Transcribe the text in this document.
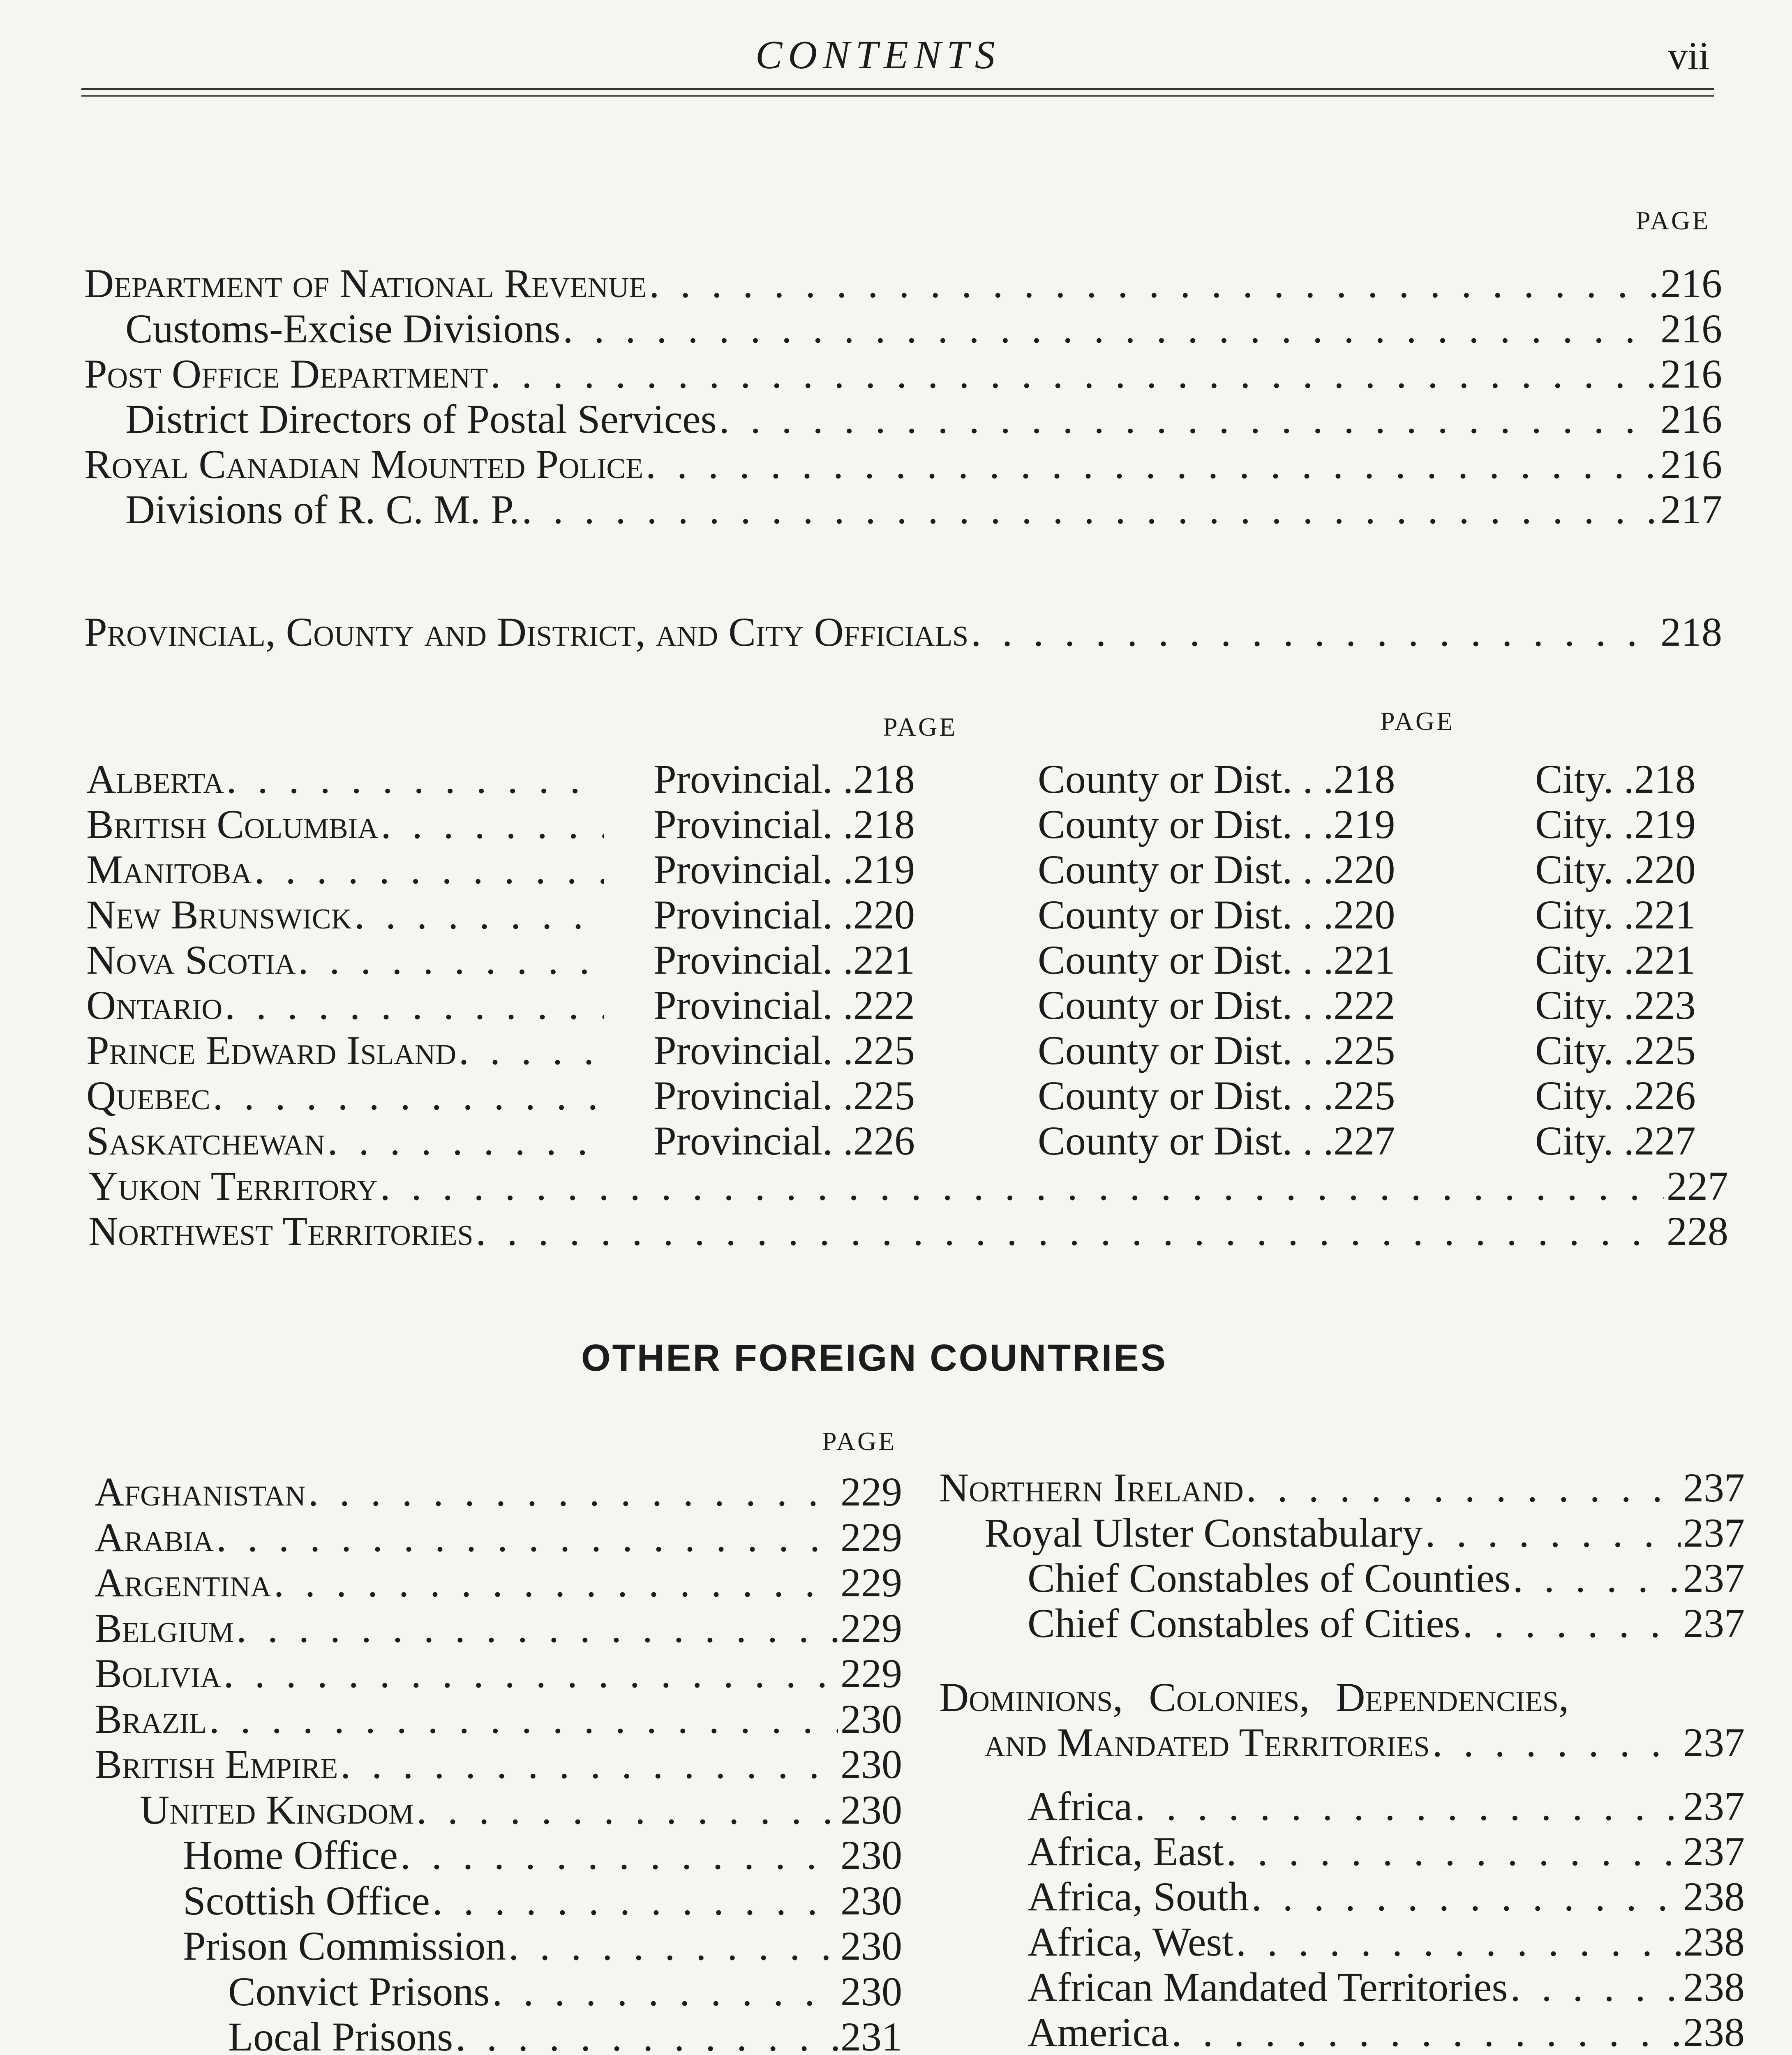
CONTENTS	vii
PAGE
Department of National Revenue . . .	216
Customs-Excise Divisions . . .	216
Post Office Department . . .	216
District Directors of Postal Services . . .	216
Royal Canadian Mounted Police . . .	216
Divisions of R. C. M. P. . . .	217
Provincial, County and District, and City Officials . . .	218
PAGE	PAGE
Alberta . . .	Provincial. .218	County or Dist. . .218	City. .218
British Columbia . . .	Provincial. .218	County or Dist. . .219	City. .219
Manitoba . . .	Provincial. .219	County or Dist. . .220	City. .220
New Brunswick . . .	Provincial. .220	County or Dist. . .220	City. .221
Nova Scotia . . .	Provincial. .221	County or Dist. . .221	City. .221
Ontario . . .	Provincial. .222	County or Dist. . .222	City. .223
Prince Edward Island . . .	Provincial. .225	County or Dist. . .225	City. .225
Quebec . . .	Provincial. .225	County or Dist. . .225	City. .226
Saskatchewan . . .	Provincial. .226	County or Dist. . .227	City. .227
Yukon Territory . . .	227
Northwest Territories . . .	228
OTHER FOREIGN COUNTRIES
PAGE
Afghanistan . . .	229
Arabia . . .	229
Argentina . . .	229
Belgium . . .	229
Bolivia . . .	229
Brazil . . .	230
British Empire . . .	230
United Kingdom . . .	230
Home Office . . .	230
Scottish Office . . .	230
Prison Commission . . .	230
Convict Prisons . . .	230
Local Prisons . . .	231
Northern Ireland . . .	237
Royal Ulster Constabulary . . .	237
Chief Constables of Counties . . .	237
Chief Constables of Cities . . .	237
Dominions, Colonies, Dependencies,
and Mandated Territories . . .	237
Africa . . .	237
Africa, East . . .	237
Africa, South . . .	238
Africa, West . . .	238
African Mandated Territories . . .	238
America . . .	238
